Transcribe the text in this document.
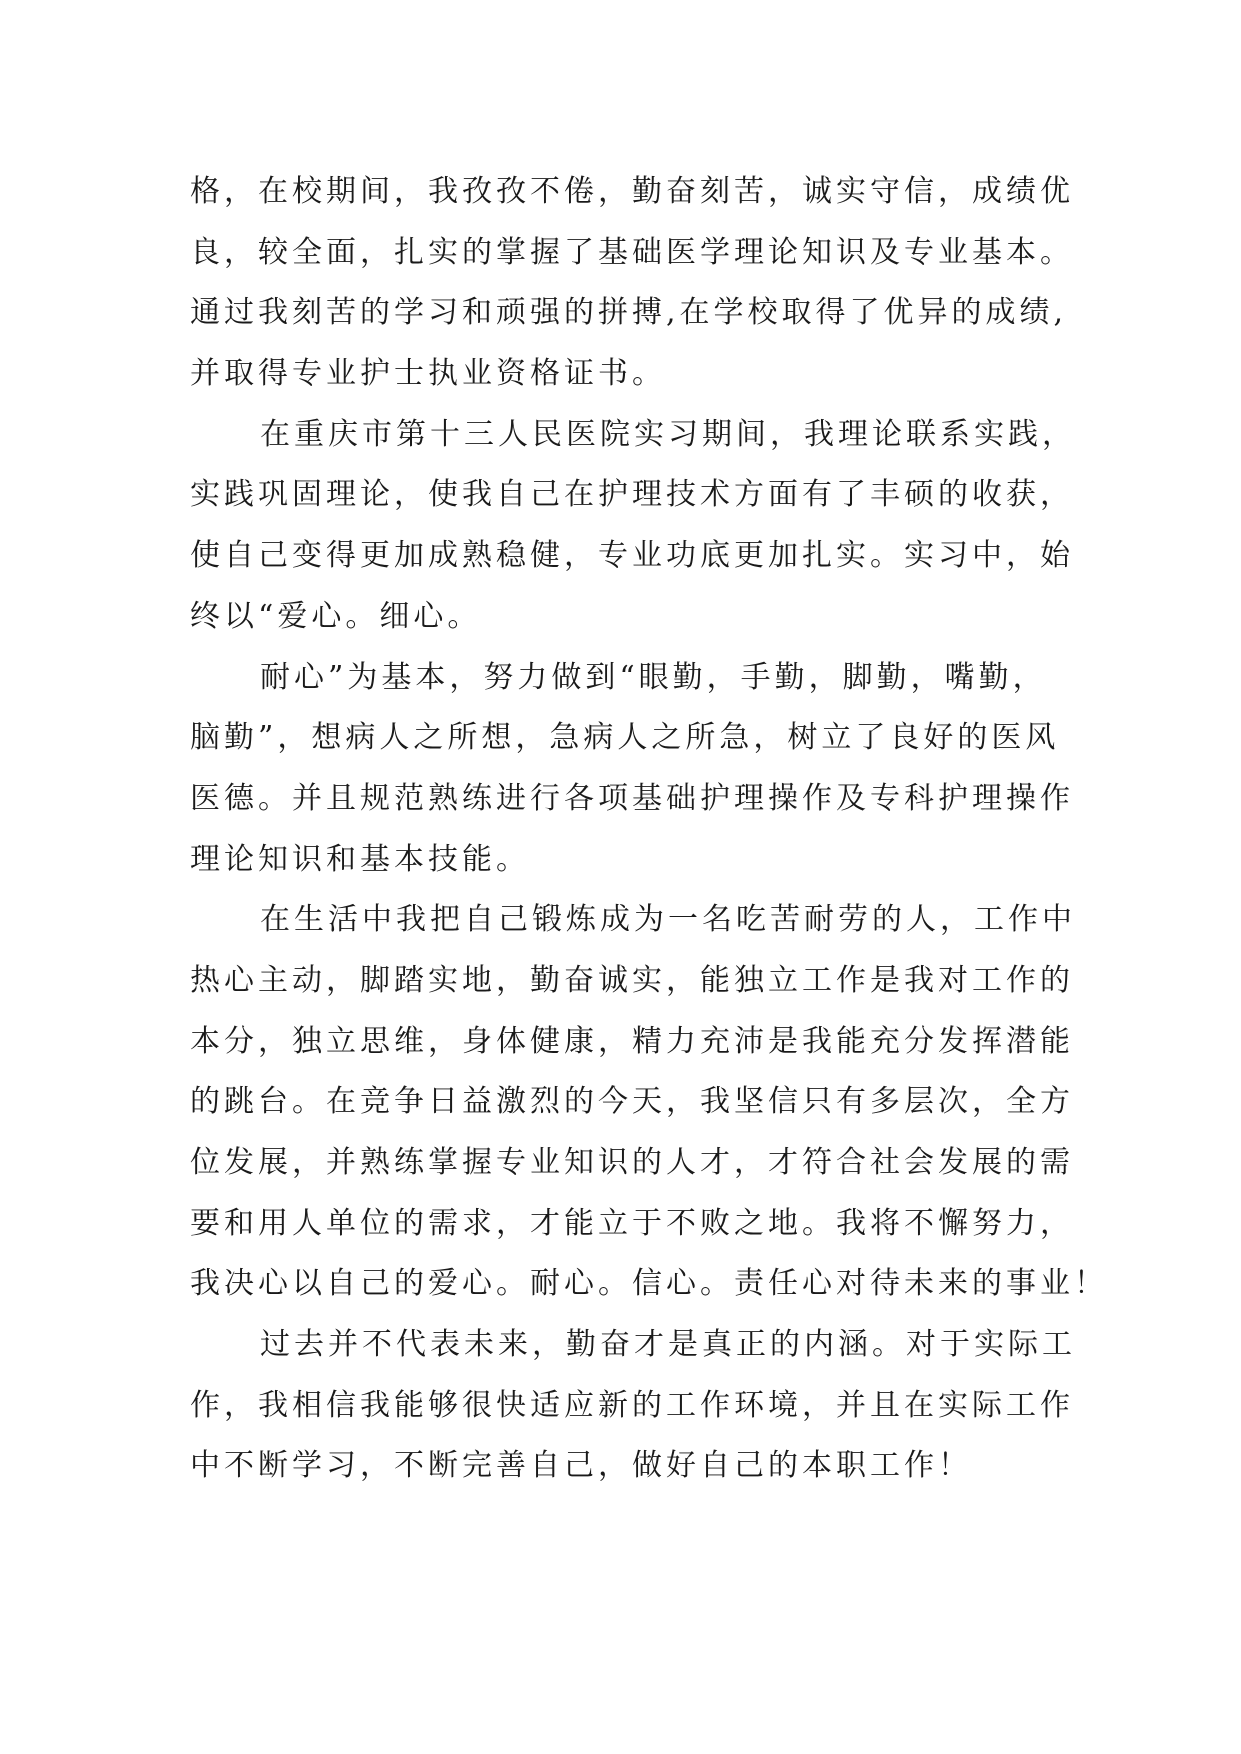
格，在校期间，我孜孜不倦，勤奋刻苦，诚实守信，成绩优
良，较全面，扎实的掌握了基础医学理论知识及专业基本。
通过我刻苦的学习和顽强的拼搏,在学校取得了优异的成绩,
并取得专业护士执业资格证书。
在重庆市第十三人民医院实习期间，我理论联系实践，
实践巩固理论，使我自己在护理技术方面有了丰硕的收获，
使自己变得更加成熟稳健，专业功底更加扎实。实习中，始
终以“爱心。细心。
耐心”为基本，努力做到“眼勤，手勤，脚勤，嘴勤，
脑勤”，想病人之所想，急病人之所急，树立了良好的医风
医德。并且规范熟练进行各项基础护理操作及专科护理操作
理论知识和基本技能。
在生活中我把自己锻炼成为一名吃苦耐劳的人，工作中
热心主动，脚踏实地，勤奋诚实，能独立工作是我对工作的
本分，独立思维，身体健康，精力充沛是我能充分发挥潜能
的跳台。在竞争日益激烈的今天，我坚信只有多层次，全方
位发展，并熟练掌握专业知识的人才，才符合社会发展的需
要和用人单位的需求，才能立于不败之地。我将不懈努力，
我决心以自己的爱心。耐心。信心。责任心对待未来的事业！
过去并不代表未来，勤奋才是真正的内涵。对于实际工
作，我相信我能够很快适应新的工作环境，并且在实际工作
中不断学习，不断完善自己，做好自己的本职工作！
